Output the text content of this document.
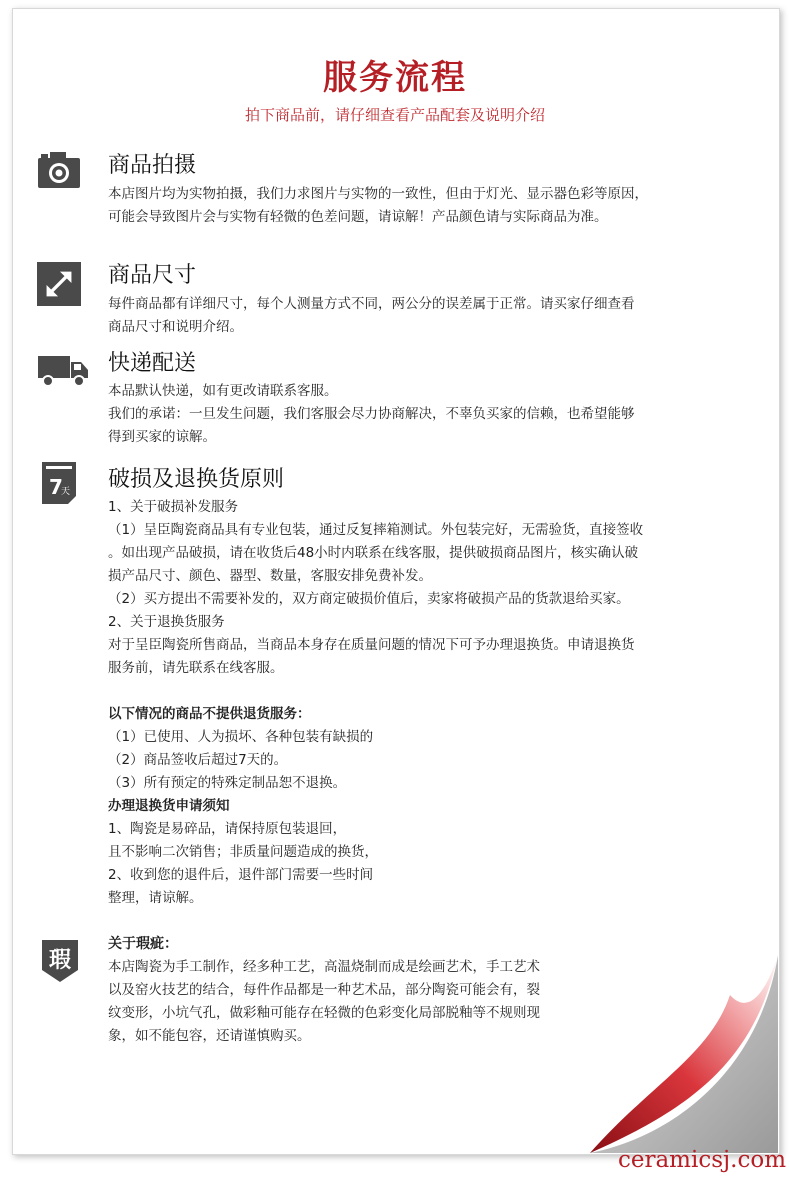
服务流程
拍下商品前，请仔细查看产品配套及说明介绍
商品拍摄
本店图片均为实物拍摄，我们力求图片与实物的一致性，但由于灯光、显示器色彩等原因，
可能会导致图片会与实物有轻微的色差问题，请谅解！产品颜色请与实际商品为准。
商品尺寸
每件商品都有详细尺寸，每个人测量方式不同，两公分的误差属于正常。请买家仔细查看
商品尺寸和说明介绍。
快递配送
本品默认快递，如有更改请联系客服。
我们的承诺：一旦发生问题，我们客服会尽力协商解决，不辜负买家的信赖，也希望能够
得到买家的谅解。
7
天 破损及退换货原则
1、关于破损补发服务
（1）呈臣陶瓷商品具有专业包装，通过反复摔箱测试。外包装完好，无需验货，直接签收
。如出现产品破损，请在收货后48小时内联系在线客服，提供破损商品图片，核实确认破
损产品尺寸、颜色、器型、数量，客服安排免费补发。
（2）买方提出不需要补发的，双方商定破损价值后，卖家将破损产品的货款退给买家。
2、关于退换货服务
对于呈臣陶瓷所售商品，当商品本身存在质量问题的情况下可予办理退换货。申请退换货
服务前，请先联系在线客服。
以下情况的商品不提供退货服务：
（1）已使用、人为损坏、各种包装有缺损的
（2）商品签收后超过7天的。
（3）所有预定的特殊定制品恕不退换。
办理退换货申请须知
1、陶瓷是易碎品，请保持原包装退回，
且不影响二次销售；非质量问题造成的换货，
2、收到您的退件后，退件部门需要一些时间
整理，请谅解。
瑕
关于瑕疵：
本店陶瓷为手工制作，经多种工艺，高温烧制而成是绘画艺术，手工艺术
以及窑火技艺的结合，每件作品都是一种艺术品，部分陶瓷可能会有，裂
纹变形，小坑气孔，做彩釉可能存在轻微的色彩变化局部脱釉等不规则现
象，如不能包容，还请谨慎购买。
ceramicsj.com
